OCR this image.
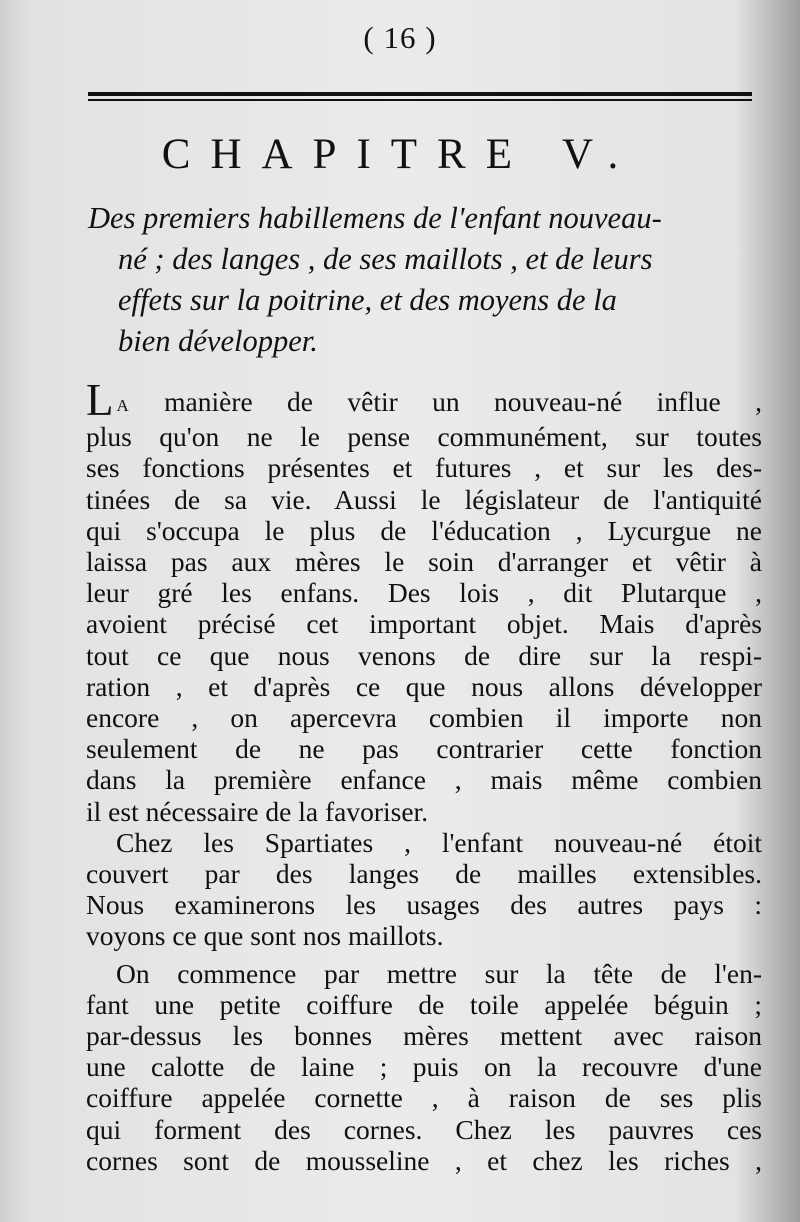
( 16 )
CHAPITRE V.
Des premiers habillemens de l'enfant nouveau-
né ; des langes , de ses maillots , et de leurs
effets sur la poitrine, et des moyens de la
bien développer.
L A manière de vêtir un nouveau-né influe ,
plus qu'on ne le pense communément, sur toutes
ses fonctions présentes et futures , et sur les des-
tinées de sa vie. Aussi le législateur de l'antiquité
qui s'occupa le plus de l'éducation , Lycurgue ne
laissa pas aux mères le soin d'arranger et vêtir à
leur gré les enfans. Des lois , dit Plutarque ,
avoient précisé cet important objet. Mais d'après
tout ce que nous venons de dire sur la respi-
ration , et d'après ce que nous allons développer
encore , on apercevra combien il importe non
seulement de ne pas contrarier cette fonction
dans la première enfance , mais même combien
il est nécessaire de la favoriser.
Chez les Spartiates , l'enfant nouveau-né étoit
couvert par des langes de mailles extensibles.
Nous examinerons les usages des autres pays :
voyons ce que sont nos maillots.
On commence par mettre sur la tête de l'en-
fant une petite coiffure de toile appelée béguin ;
par-dessus les bonnes mères mettent avec raison
une calotte de laine ; puis on la recouvre d'une
coiffure appelée cornette , à raison de ses plis
qui forment des cornes. Chez les pauvres ces
cornes sont de mousseline , et chez les riches ,
